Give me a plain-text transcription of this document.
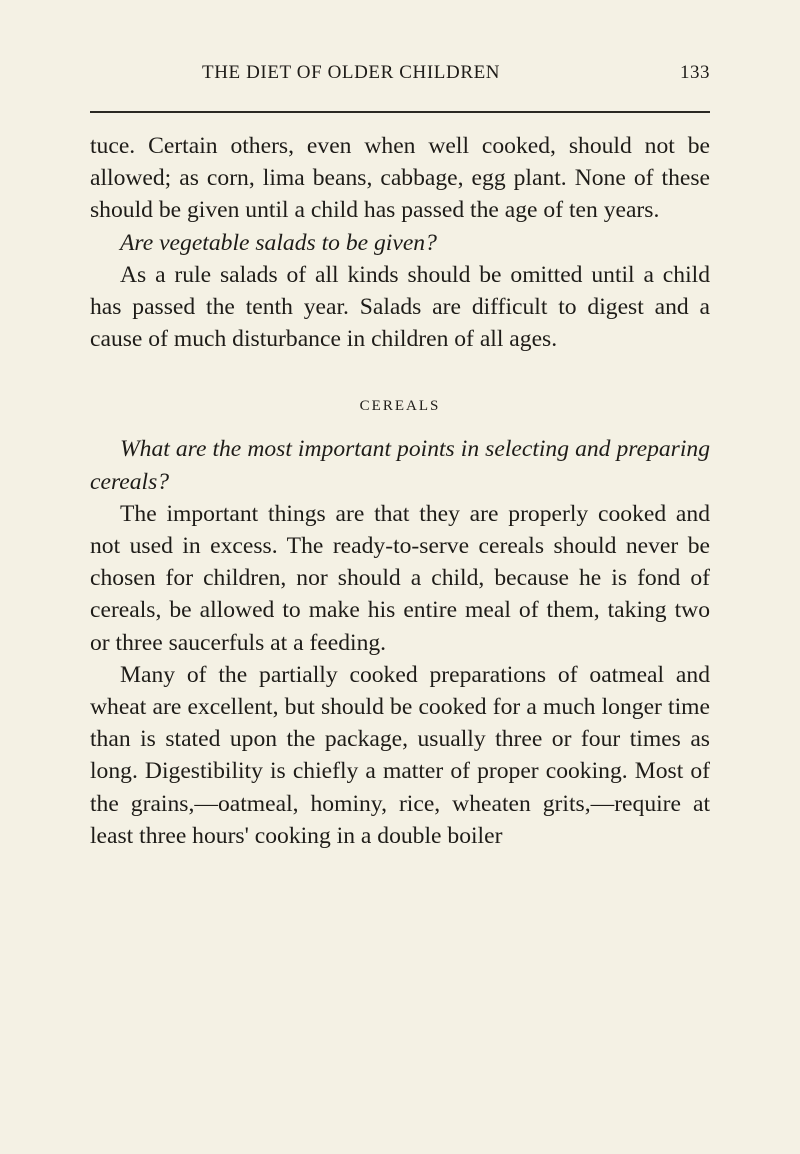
THE DIET OF OLDER CHILDREN	133

tuce. Certain others, even when well cooked, should not be allowed; as corn, lima beans, cabbage, egg plant. None of these should be given until a child has passed the age of ten years.

Are vegetable salads to be given?

As a rule salads of all kinds should be omitted until a child has passed the tenth year. Salads are difficult to digest and a cause of much disturbance in children of all ages.

CEREALS

What are the most important points in selecting and preparing cereals?

The important things are that they are properly cooked and not used in excess. The ready-to-serve cereals should never be chosen for children, nor should a child, because he is fond of cereals, be allowed to make his entire meal of them, taking two or three saucerfuls at a feeding.

Many of the partially cooked preparations of oatmeal and wheat are excellent, but should be cooked for a much longer time than is stated upon the package, usually three or four times as long. Digestibility is chiefly a matter of proper cooking. Most of the grains,—oatmeal, hominy, rice, wheaten grits,—require at least three hours' cooking in a double boiler
